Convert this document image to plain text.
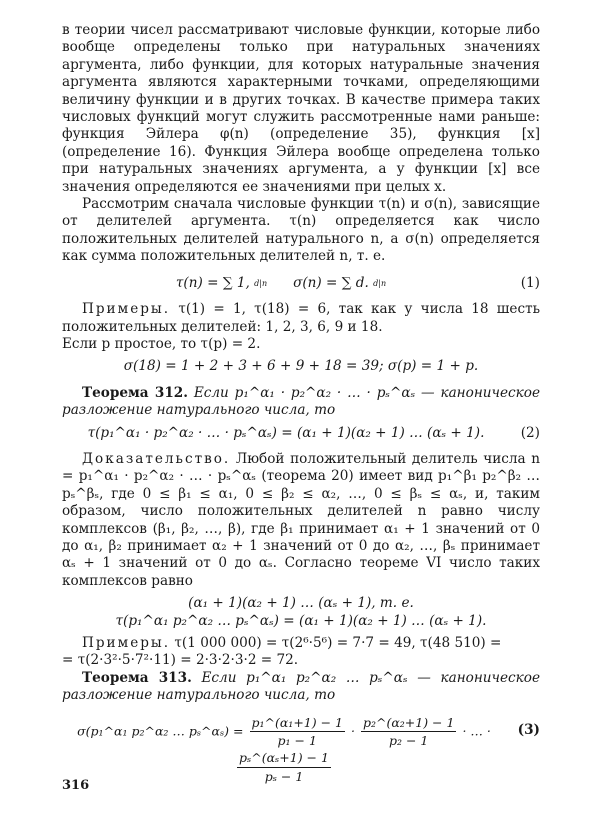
в теории чисел рассматривают числовые функции, которые либо вообще определены только при натуральных значениях аргумента, либо функции, для которых натуральные значения аргумента являются характерными точками, определяющими величину функции и в других точках. В качестве примера таких числовых функций могут служить рассмотренные нами раньше: функция Эйлера φ(n) (определение 35), функция [x] (определение 16). Функция Эйлера вообще определена только при натуральных значениях аргумента, а у функции [x] все значения определяются ее значениями при целых x.

Рассмотрим сначала числовые функции τ(n) и σ(n), зависящие от делителей аргумента. τ(n) определяется как число положительных делителей натурального n, а σ(n) определяется как сумма положительных делителей n, т. е.

τ(n) = ∑ 1, d|n σ(n) = ∑ d. d|n	(1)

Примеры. τ(1) = 1, τ(18) = 6, так как у числа 18 шесть положительных делителей: 1, 2, 3, 6, 9 и 18.

Если p простое, то τ(p) = 2.

σ(18) = 1 + 2 + 3 + 6 + 9 + 18 = 39; σ(p) = 1 + p.

Теорема 312. Если p₁^α₁ · p₂^α₂ · … · pₛ^αₛ — каноническое разложение натурального числа, то

τ(p₁^α₁ · p₂^α₂ · … · pₛ^αₛ) = (α₁ + 1)(α₂ + 1) … (αₛ + 1).	(2)

Доказательство. Любой положительный делитель числа n = p₁^α₁ · p₂^α₂ · … · pₛ^αₛ (теорема 20) имеет вид p₁^β₁ p₂^β₂ … pₛ^βₛ, где 0 ≤ β₁ ≤ α₁, 0 ≤ β₂ ≤ α₂, …, 0 ≤ βₛ ≤ αₛ, и, таким образом, число положительных делителей n равно числу комплексов (β₁, β₂, …, β), где β₁ принимает α₁ + 1 значений от 0 до α₁, β₂ принимает α₂ + 1 значений от 0 до α₂, …, βₛ принимает αₛ + 1 значений от 0 до αₛ. Согласно теореме VI число таких комплексов равно

(α₁ + 1)(α₂ + 1) … (αₛ + 1), т. е.

τ(p₁^α₁ p₂^α₂ … pₛ^αₛ) = (α₁ + 1)(α₂ + 1) … (αₛ + 1).

Примеры. τ(1 000 000) = τ(2⁶·5⁶) = 7·7 = 49, τ(48 510) =

= τ(2·3²·5·7²·11) = 2·3·2·3·2 = 72.

Теорема 313. Если p₁^α₁ p₂^α₂ … pₛ^αₛ — каноническое разложение натурального числа, то

σ(p₁^α₁ p₂^α₂ … pₛ^αₛ) = $\frac{\text{p₁\textasciicircum{}(α₁+1) − 1}}{\text{p₁ − 1}} \cdot \frac{\text{p₂\textasciicircum{}(α₂+1) − 1}}{\text{p₂ − 1}}$ · … ·
$\frac{\text{pₛ\textasciicircum{}(αₛ+1) − 1}}{\text{pₛ − 1}}$

(3)
316
